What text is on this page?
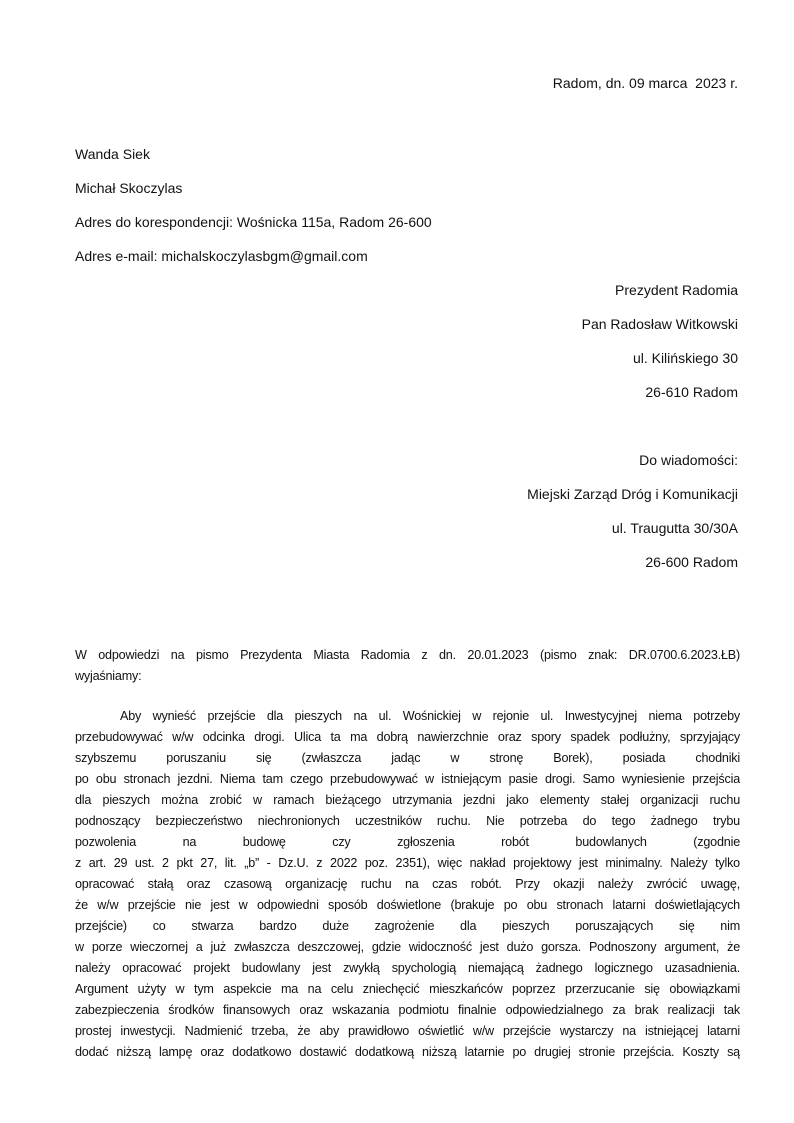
Radom, dn. 09 marca  2023 r.
Wanda Siek
Michał Skoczylas
Adres do korespondencji: Wośnicka 115a, Radom 26-600
Adres e-mail: michalskoczylasbgm@gmail.com
Prezydent Radomia
Pan Radosław Witkowski
ul. Kilińskiego 30
26-610 Radom
Do wiadomości:
Miejski Zarząd Dróg i Komunikacji
ul. Traugutta 30/30A
26-600 Radom
W odpowiedzi na pismo Prezydenta Miasta Radomia z dn. 20.01.2023 (pismo znak: DR.0700.6.2023.ŁB)
wyjaśniamy:
Aby wynieść przejście dla pieszych na ul. Wośnickiej w rejonie ul. Inwestycyjnej niema potrzeby
przebudowywać w/w odcinka drogi. Ulica ta ma dobrą nawierzchnie oraz spory spadek podłużny, sprzyjający
szybszemu poruszaniu się (zwłaszcza jadąc w stronę Borek), posiada chodniki
po obu stronach jezdni. Niema tam czego przebudowywać w istniejącym pasie drogi. Samo wyniesienie przejścia
dla pieszych można zrobić w ramach bieżącego utrzymania jezdni jako elementy stałej organizacji ruchu
podnoszący bezpieczeństwo niechronionych uczestników ruchu. Nie potrzeba do tego żadnego trybu
pozwolenia na budowę czy zgłoszenia robót budowlanych (zgodnie
z art. 29 ust. 2 pkt 27, lit. „b” - Dz.U. z 2022 poz. 2351), więc nakład projektowy jest minimalny. Należy tylko
opracować stałą oraz czasową organizację ruchu na czas robót. Przy okazji należy zwrócić uwagę,
że w/w przejście nie jest w odpowiedni sposób doświetlone (brakuje po obu stronach latarni doświetlających
przejście) co stwarza bardzo duże zagrożenie dla pieszych poruszających się nim
w porze wieczornej a już zwłaszcza deszczowej, gdzie widoczność jest dużo gorsza. Podnoszony argument, że
należy opracować projekt budowlany jest zwykłą spychologią niemającą żadnego logicznego uzasadnienia.
Argument użyty w tym aspekcie ma na celu zniechęcić mieszkańców poprzez przerzucanie się obowiązkami
zabezpieczenia środków finansowych oraz wskazania podmiotu finalnie odpowiedzialnego za brak realizacji tak
prostej inwestycji. Nadmienić trzeba, że aby prawidłowo oświetlić w/w przejście wystarczy na istniejącej latarni
dodać niższą lampę oraz dodatkowo dostawić dodatkową niższą latarnie po drugiej stronie przejścia. Koszty są
